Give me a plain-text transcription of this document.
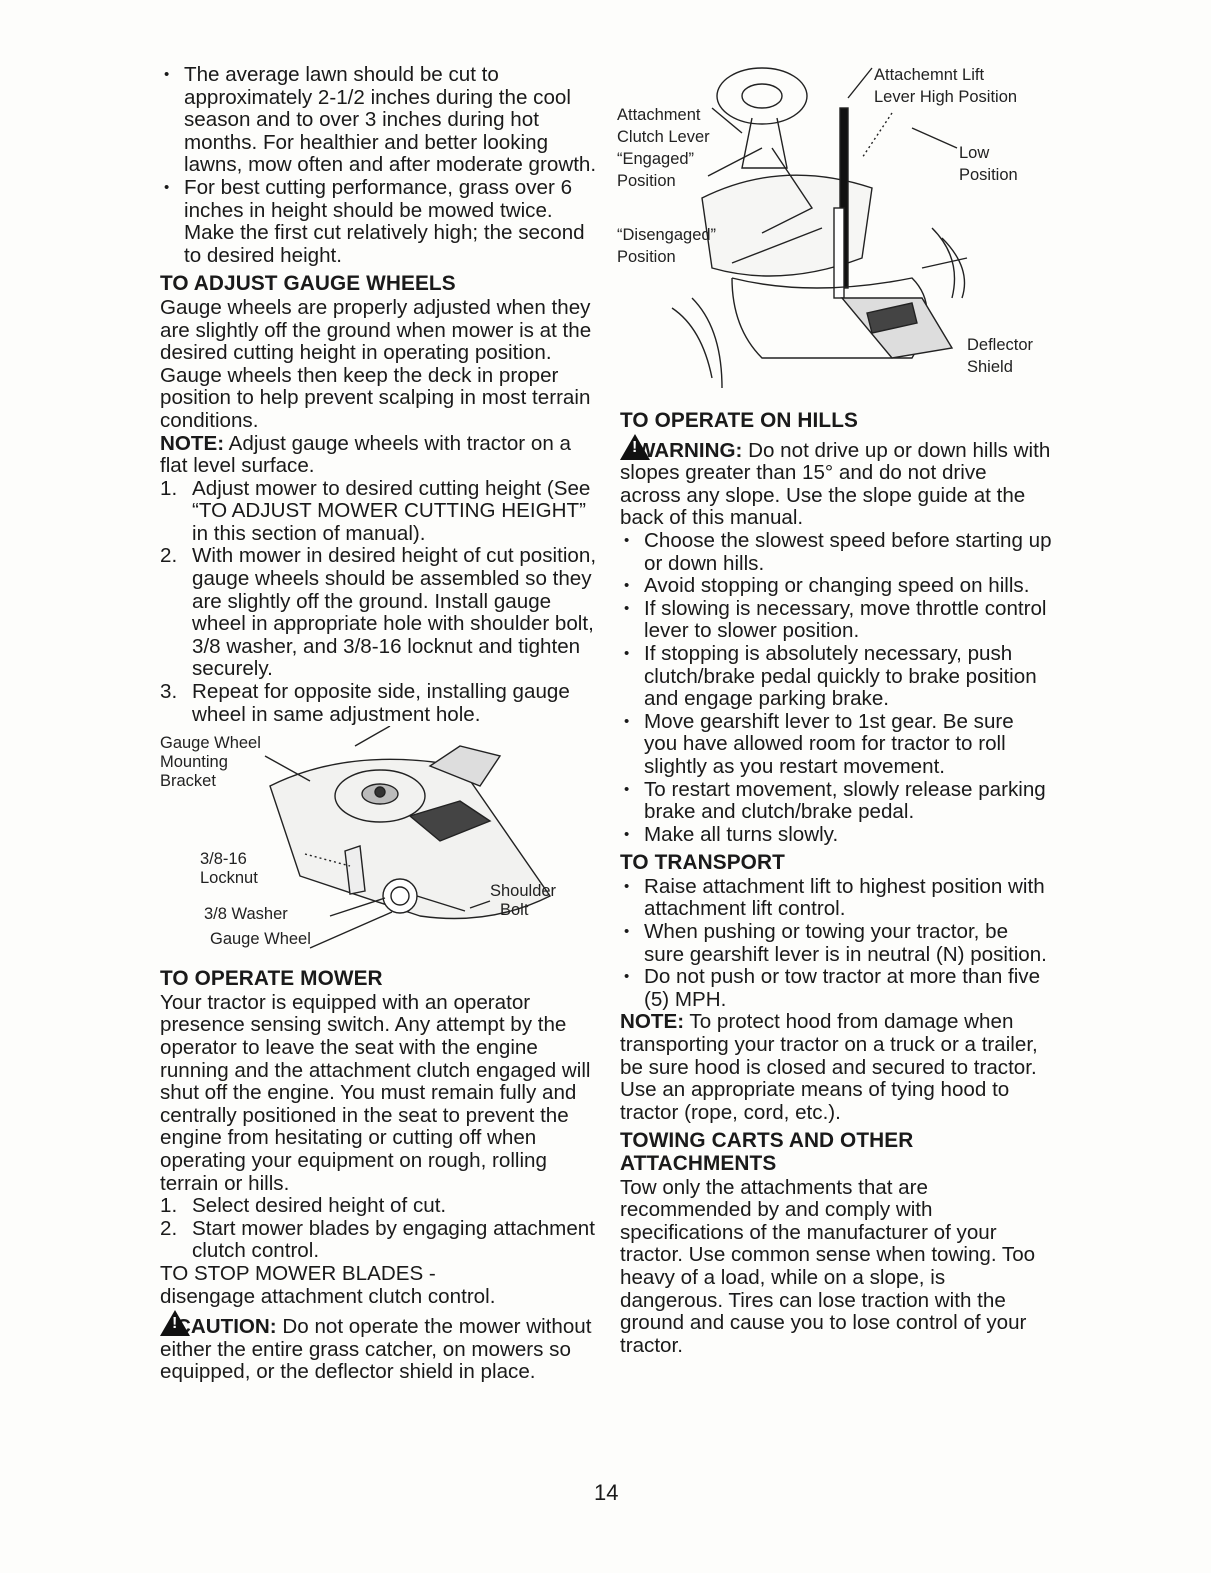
• The average lawn should be cut to approximately 2-1/2 inches during the cool season and to over 3 inches during hot months. For healthier and better looking lawns, mow often and after moderate growth.
• For best cutting performance, grass over 6 inches in height should be mowed twice. Make the first cut relatively high; the second to desired height.

TO ADJUST GAUGE WHEELS

Gauge wheels are properly adjusted when they are slightly off the ground when mower is at the desired cutting height in operating position. Gauge wheels then keep the deck in proper position to help prevent scalping in most terrain conditions.

NOTE: Adjust gauge wheels with tractor on a flat level surface.

1. Adjust mower to desired cutting height (See “TO ADJUST MOWER CUTTING HEIGHT” in this section of manual).
2. With mower in desired height of cut position, gauge wheels should be assembled so they are slightly off the ground. Install gauge wheel in appropriate hole with shoulder bolt, 3/8 washer, and 3/8-16 locknut and tighten securely.
3. Repeat for opposite side, installing gauge wheel in same adjustment hole.
Gauge Wheel
Mounting
Bracket
3/8-16
Locknut
3/8 Washer
Gauge Wheel
Shoulder
Bolt

TO OPERATE MOWER

Your tractor is equipped with an operator presence sensing switch. Any attempt by the operator to leave the seat with the engine running and the attachment clutch engaged will shut off the engine. You must remain fully and centrally positioned in the seat to prevent the engine from hesitating or cutting off when operating your equipment on rough, rolling terrain or hills.

1. Select desired height of cut.
2. Start mower blades by engaging attachment clutch control.

TO STOP MOWER BLADES -

disengage attachment clutch control.

!CAUTION: Do not operate the mower without either the entire grass catcher, on mowers so equipped, or the deflector shield in place.

Attachemnt Lift
Lever High Position
Attachment
Clutch Lever
“Engaged”
Position
Low
Position
“Disengaged”
Position
Deflector
Shield

TO OPERATE ON HILLS

!WARNING: Do not drive up or down hills with slopes greater than 15° and do not drive across any slope. Use the slope guide at the back of this manual.

• Choose the slowest speed before starting up or down hills.
• Avoid stopping or changing speed on hills.
• If slowing is necessary, move throttle control lever to slower position.
• If stopping is absolutely necessary, push clutch/brake pedal quickly to brake position and engage parking brake.
• Move gearshift lever to 1st gear. Be sure you have allowed room for tractor to roll slightly as you restart movement.
• To restart movement, slowly release parking brake and clutch/brake pedal.
• Make all turns slowly.

TO TRANSPORT

• Raise attachment lift to highest position with attachment lift control.
• When pushing or towing your tractor, be sure gearshift lever is in neutral (N) position.
• Do not push or tow tractor at more than five (5) MPH.

NOTE: To protect hood from damage when transporting your tractor on a truck or a trailer, be sure hood is closed and secured to tractor. Use an appropriate means of tying hood to tractor (rope, cord, etc.).

TOWING CARTS AND OTHER ATTACHMENTS

Tow only the attachments that are recommended by and comply with specifications of the manufacturer of your tractor. Use common sense when towing. Too heavy of a load, while on a slope, is dangerous. Tires can lose traction with the ground and cause you to lose control of your tractor.

14
